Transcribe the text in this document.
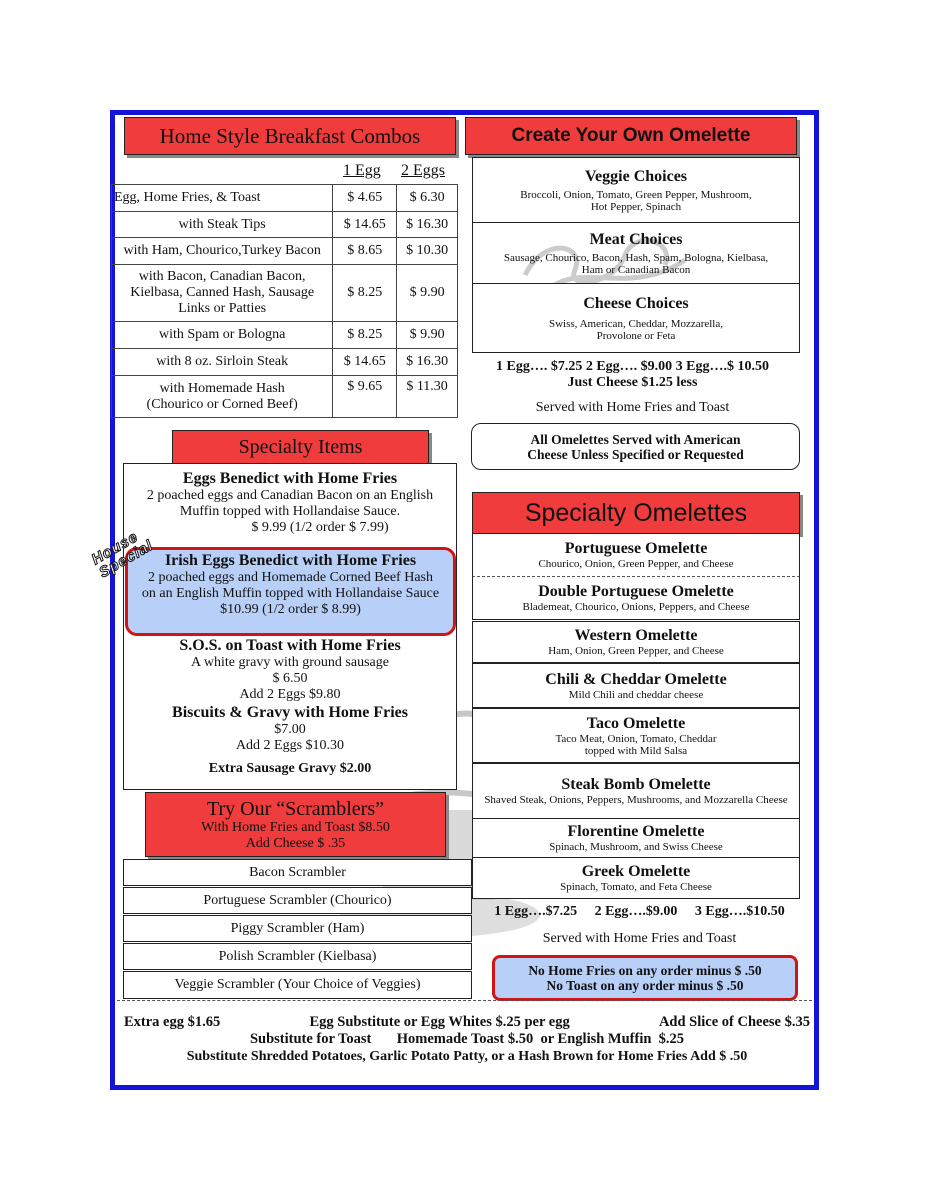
Home Style Breakfast Combos
1 Egg 2 Eggs
Egg, Home Fries, & Toast	$ 4.65	$ 6.30
with Steak Tips	$ 14.65	$ 16.30
with Ham, Chourico,Turkey Bacon	$ 8.65	$ 10.30
with Bacon, Canadian Bacon, Kielbasa, Canned Hash, Sausage Links or Patties	$ 8.25	$ 9.90
with Spam or Bologna	$ 8.25	$ 9.90
with 8 oz. Sirloin Steak	$ 14.65	$ 16.30
with Homemade Hash (Chourico or Corned Beef)	$ 9.65	$ 11.30
Specialty Items
Eggs Benedict with Home Fries
2 poached eggs and Canadian Bacon on an English Muffin topped with Hollandaise Sauce.
$ 9.99 (1/2 order $ 7.99)
Irish Eggs Benedict with Home Fries
2 poached eggs and Homemade Corned Beef Hash
on an English Muffin topped with Hollandaise Sauce
$10.99 (1/2 order $ 8.99)
House Special
S.O.S. on Toast with Home Fries
A white gravy with ground sausage
$ 6.50
Add 2 Eggs $9.80
Biscuits & Gravy with Home Fries
$7.00
Add 2 Eggs $10.30
Extra Sausage Gravy $2.00
Try Our “Scramblers”
With Home Fries and Toast $8.50
Add Cheese $ .35
Bacon Scrambler
Portuguese Scrambler (Chourico)
Piggy Scrambler (Ham)
Polish Scrambler (Kielbasa)
Veggie Scrambler (Your Choice of Veggies)
Create Your Own Omelette
Veggie Choices
Broccoli, Onion, Tomato, Green Pepper, Mushroom,
Hot Pepper, Spinach
Meat Choices
Sausage, Chourico, Bacon, Hash, Spam, Bologna, Kielbasa,
Ham or Canadian Bacon
Cheese Choices
Swiss, American, Cheddar, Mozzarella,
Provolone or Feta
1 Egg…. $7.25 2 Egg…. $9.00 3 Egg….$ 10.50
Just Cheese $1.25 less
Served with Home Fries and Toast
All Omelettes Served with American
Cheese Unless Specified or Requested
Specialty Omelettes
Portuguese Omelette
Chourico, Onion, Green Pepper, and Cheese
Double Portuguese Omelette
Blademeat, Chourico, Onions, Peppers, and Cheese
Western Omelette
Ham, Onion, Green Pepper, and Cheese
Chili & Cheddar Omelette
Mild Chili and cheddar cheese
Taco Omelette
Taco Meat, Onion, Tomato, Cheddar topped with Mild Salsa
Steak Bomb Omelette
Shaved Steak, Onions, Peppers, Mushrooms, and Mozzarella Cheese
Florentine Omelette
Spinach, Mushroom, and Swiss Cheese
Greek Omelette
Spinach, Tomato, and Feta Cheese
1 Egg….$7.25     2 Egg….$9.00     3 Egg….$10.50
Served with Home Fries and Toast
No Home Fries on any order minus $ .50
No Toast on any order minus $ .50
Extra egg $1.65	Egg Substitute or Egg Whites $.25 per egg	Add Slice of Cheese $.35
Substitute for Toast       Homemade Toast $.50  or English Muffin  $.25
Substitute Shredded Potatoes, Garlic Potato Patty, or a Hash Brown for Home Fries Add $ .50
